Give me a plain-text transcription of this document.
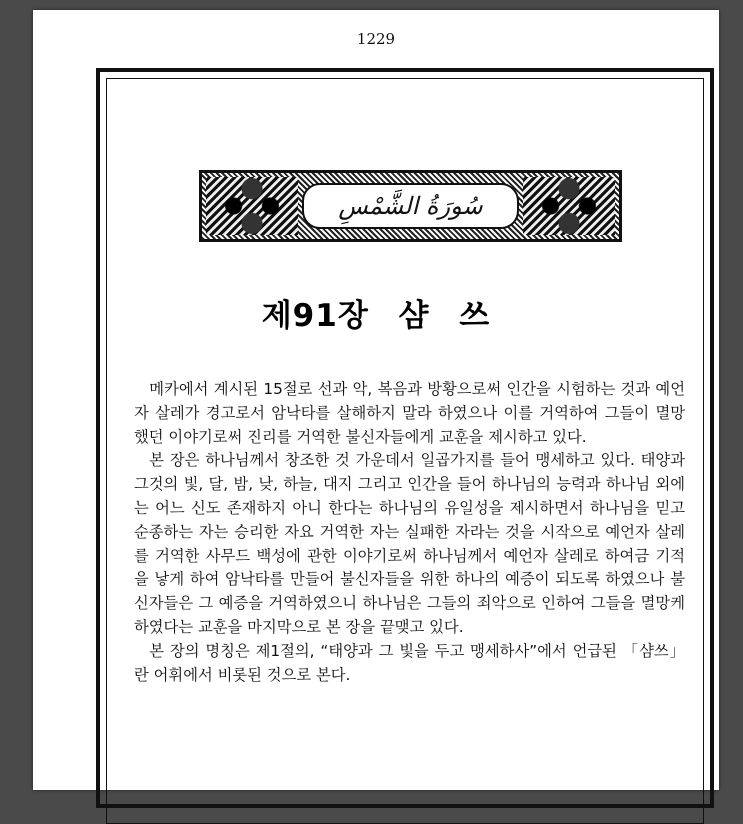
1229
سُورَةُ الشَّمْسِ
제91장 샴 쓰

메카에서 계시된 15절로 선과 악, 복음과 방황으로써 인간을 시험하는 것과 예언자 살레가 경고로서 암낙타를 살해하지 말라 하였으나 이를 거역하여 그들이 멸망했던 이야기로써 진리를 거역한 불신자들에게 교훈을 제시하고 있다.

본 장은 하나님께서 창조한 것 가운데서 일곱가지를 들어 맹세하고 있다. 태양과 그것의 빛, 달, 밤, 낮, 하늘, 대지 그리고 인간을 들어 하나님의 능력과 하나님 외에는 어느 신도 존재하지 아니 한다는 하나님의 유일성을 제시하면서 하나님을 믿고 순종하는 자는 승리한 자요 거역한 자는 실패한 자라는 것을 시작으로 예언자 살레를 거역한 사무드 백성에 관한 이야기로써 하나님께서 예언자 살레로 하여금 기적을 낳게 하여 암낙타를 만들어 불신자들을 위한 하나의 예증이 되도록 하였으나 불신자들은 그 예증을 거역하였으니 하나님은 그들의 죄악으로 인하여 그들을 멸망케 하였다는 교훈을 마지막으로 본 장을 끝맺고 있다.

본 장의 명칭은 제1절의, “태양과 그 빛을 두고 맹세하사”에서 언급된 「샴쓰」란 어휘에서 비롯된 것으로 본다.
